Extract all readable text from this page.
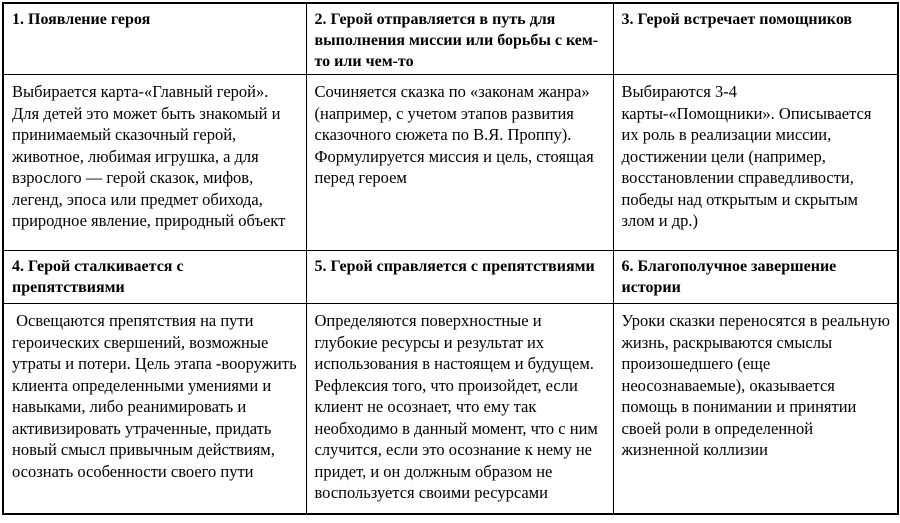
1. Появление героя	2. Герой отправляется в путь для выполнения миссии или борьбы с кем-то или чем-то	3. Герой встречает помощников
Выбирается карта-«Главный герой». Для детей это может быть знакомый и принимаемый сказочный герой, животное, любимая игрушка, а для взрослого — герой сказок, мифов, легенд, эпоса или предмет обихода, природное явление, природный объект	Сочиняется сказка по «законам жанра» (например, с учетом этапов развития сказочного сюжета по В.Я. Проппу). Формулируется миссия и цель, стоящая перед героем	Выбираются 3-4 карты-«Помощники». Описывается их роль в реализации миссии, достижении цели (например, восстановлении справедливости, победы над открытым и скрытым злом и др.)
4. Герой сталкивается с препятствиями	5. Герой справляется с препятствиями	6. Благополучное завершение истории
Освещаются препятствия на пути героических свершений, возможные утраты и потери. Цель этапа -вооружить клиента определенными умениями и навыками, либо реанимировать и активизировать утраченные, придать новый смысл привычным действиям, осознать особенности своего пути	Определяются поверхностные и глубокие ресурсы и результат их использования в настоящем и будущем. Рефлексия того, что произойдет, если клиент не осознает, что ему так необходимо в данный момент, что с ним случится, если это осознание к нему не придет, и он должным образом не воспользуется своими ресурсами	Уроки сказки переносятся в реальную жизнь, раскрываются смыслы произошедшего (еще неосознаваемые), оказывается помощь в понимании и принятии своей роли в определенной жизненной коллизии
